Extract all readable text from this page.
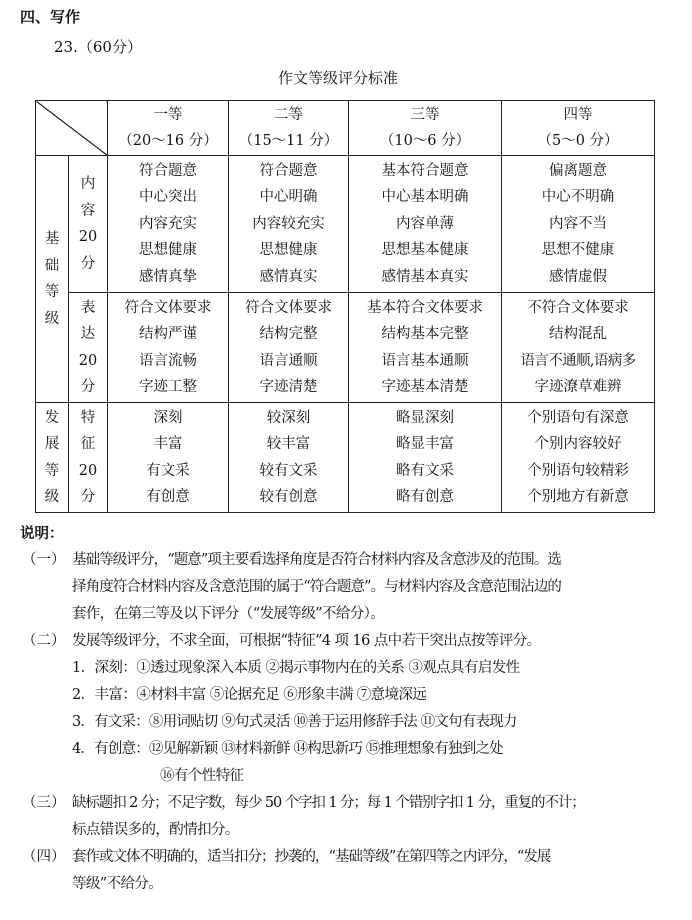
四、写作
23.（60分）
作文等级评分标准

		一等
（20～16 分）	二等
（15～11 分）	三等
（10～6 分）	四等
（5～0 分）

基
础
等
级	内
容
20
分	符合题意
中心突出
内容充实
思想健康
感情真挚	符合题意
中心明确
内容较充实
思想健康
感情真实	基本符合题意
中心基本明确
内容单薄
思想基本健康
感情基本真实	偏离题意
中心不明确
内容不当
思想不健康
感情虚假

	表
达
20
分	符合文体要求
结构严谨
语言流畅
字迹工整	符合文体要求
结构完整
语言通顺
字迹清楚	基本符合文体要求
结构基本完整
语言基本通顺
字迹基本清楚	不符合文体要求
结构混乱
语言不通顺,语病多
字迹潦草难辨

发
展
等
级	特
征
20
分	深刻
丰富
有文采
有创意	较深刻
较丰富
较有文采
较有创意	略显深刻
略显丰富
略有文采
略有创意	个别语句有深意
个别内容较好
个别语句较精彩
个别地方有新意
说明：
（一） 基础等级评分，“题意”项主要看选择角度是否符合材料内容及含意涉及的范围。选
择角度符合材料内容及含意范围的属于“符合题意”。与材料内容及含意范围沾边的
套作，在第三等及以下评分（“发展等级”不给分）。
（二） 发展等级评分，不求全面，可根据“特征”4 项 16 点中若干突出点按等评分。
1．深刻：①透过现象深入本质 ②揭示事物内在的关系 ③观点具有启发性
2．丰富：④材料丰富 ⑤论据充足 ⑥形象丰满 ⑦意境深远
3．有文采：⑧用词贴切 ⑨句式灵活 ⑩善于运用修辞手法 ⑪文句有表现力
4．有创意：⑫见解新颖 ⑬材料新鲜 ⑭构思新巧 ⑮推理想象有独到之处
⑯有个性特征
（三） 缺标题扣 2 分；不足字数，每少 50 个字扣 1 分；每 1 个错别字扣 1 分，重复的不计；
标点错误多的，酌情扣分。
（四） 套作或文体不明确的，适当扣分；抄袭的，“基础等级”在第四等之内评分，“发展
等级”不给分。
